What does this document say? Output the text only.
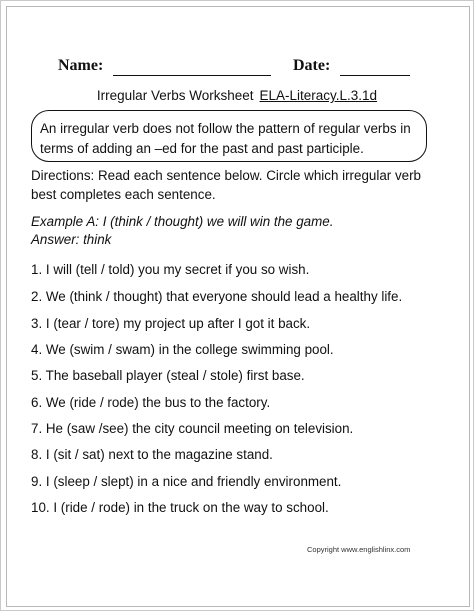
Name:	Date:
Irregular Verbs Worksheet ELA-Literacy.L.3.1d
An irregular verb does not follow the pattern of regular verbs in terms of adding an –ed for the past and past participle.
Directions: Read each sentence below. Circle which irregular verb best completes each sentence.
Example A: I (think / thought) we will win the game.
Answer: think
1. I will (tell / told) you my secret if you so wish.
2. We (think / thought) that everyone should lead a healthy life.
3. I (tear / tore) my project up after I got it back.
4. We (swim / swam) in the college swimming pool.
5. The baseball player (steal / stole) first base.
6. We (ride / rode) the bus to the factory.
7. He (saw /see) the city council meeting on television.
8. I (sit / sat) next to the magazine stand.
9. I (sleep / slept) in a nice and friendly environment.
10. I (ride / rode) in the truck on the way to school.
Copyright www.englishlinx.com
